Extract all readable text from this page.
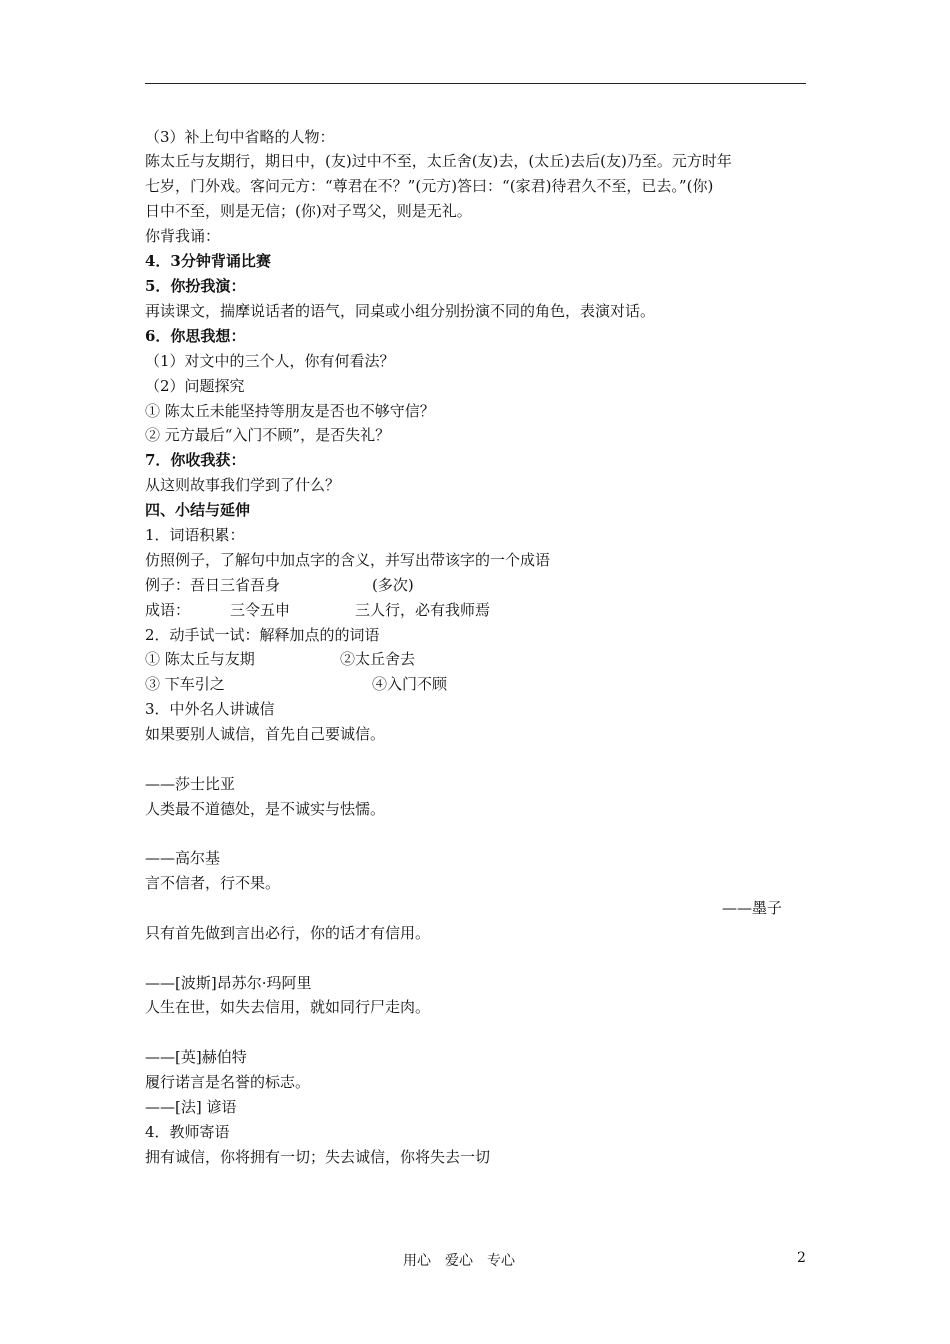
（3）补上句中省略的人物：
陈太丘与友期行，期日中，(友)过中不至，太丘舍(友)去，(太丘)去后(友)乃至。元方时年
七岁，门外戏。客问元方：“尊君在不？”(元方)答曰：“(家君)待君久不至，已去。”(你)
日中不至，则是无信；(你)对子骂父，则是无礼。
你背我诵：
4．3分钟背诵比赛
5．你扮我演：
再读课文，揣摩说话者的语气，同桌或小组分别扮演不同的角色，表演对话。
6．你思我想：
（1）对文中的三个人，你有何看法？
（2）问题探究
① 陈太丘未能坚持等朋友是否也不够守信？
② 元方最后“入门不顾”，是否失礼？
7．你收我获：
从这则故事我们学到了什么？
四、小结与延伸
1．词语积累：
仿照例子，了解句中加点字的含义，并写出带该字的一个成语
例子：吾日三省吾身	(多次)
成语：	三令五申	三人行，必有我师焉
2．动手试一试：解释加点的的词语
① 陈太丘与友期	②太丘舍去
③ 下车引之	④入门不顾
3．中外名人讲诚信
如果要别人诚信，首先自己要诚信。
——莎士比亚
人类最不道德处，是不诚实与怯懦。
——高尔基
言不信者，行不果。
——墨子
只有首先做到言出必行，你的话才有信用。
——[波斯]昂苏尔·玛阿里
人生在世，如失去信用，就如同行尸走肉。
——[英]赫伯特
履行诺言是名誉的标志。
——[法] 谚语
4．教师寄语
拥有诚信，你将拥有一切；失去诚信，你将失去一切
用心　爱心　专心	2
